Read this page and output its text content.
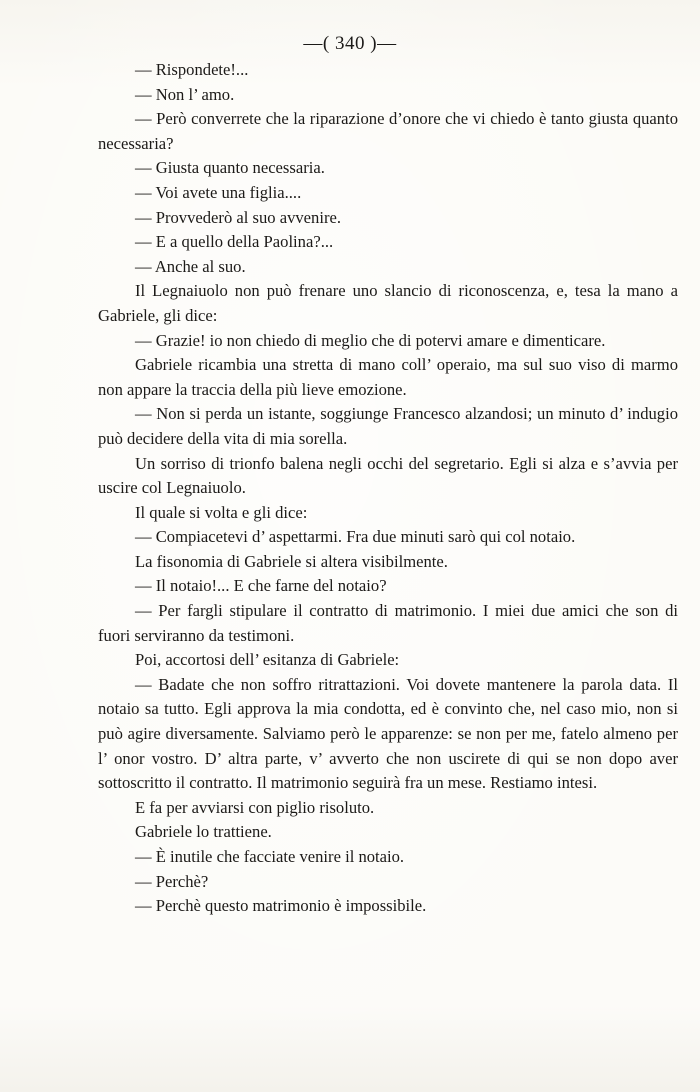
—( 340 )—

— Rispondete!...

— Non l’ amo.

— Però converrete che la riparazione d’onore che vi chiedo è tanto giusta quanto necessaria?

— Giusta quanto necessaria.

— Voi avete una figlia....

— Provvederò al suo avvenire.

— E a quello della Paolina?...

— Anche al suo.

Il Legnaiuolo non può frenare uno slancio di riconoscenza, e, tesa la mano a Gabriele, gli dice:

— Grazie! io non chiedo di meglio che di potervi amare e dimenticare.

Gabriele ricambia una stretta di mano coll’ operaio, ma sul suo viso di marmo non appare la traccia della più lieve emozione.

— Non si perda un istante, soggiunge Francesco alzandosi; un minuto d’ indugio può decidere della vita di mia sorella.

Un sorriso di trionfo balena negli occhi del segretario. Egli si alza e s’avvia per uscire col Legnaiuolo.

Il quale si volta e gli dice:

— Compiacetevi d’ aspettarmi. Fra due minuti sarò qui col notaio.

La fisonomia di Gabriele si altera visibilmente.

— Il notaio!... E che farne del notaio?

— Per fargli stipulare il contratto di matrimonio. I miei due amici che son di fuori serviranno da testimoni.

Poi, accortosi dell’ esitanza di Gabriele:

— Badate che non soffro ritrattazioni. Voi dovete mantenere la parola data. Il notaio sa tutto. Egli approva la mia condotta, ed è convinto che, nel caso mio, non si può agire diversamente. Salviamo però le apparenze: se non per me, fatelo almeno per l’ onor vostro. D’ altra parte, v’ avverto che non uscirete di qui se non dopo aver sottoscritto il contratto. Il matrimonio seguirà fra un mese. Restiamo intesi.

E fa per avviarsi con piglio risoluto.

Gabriele lo trattiene.

— È inutile che facciate venire il notaio.

— Perchè?

— Perchè questo matrimonio è impossibile.
